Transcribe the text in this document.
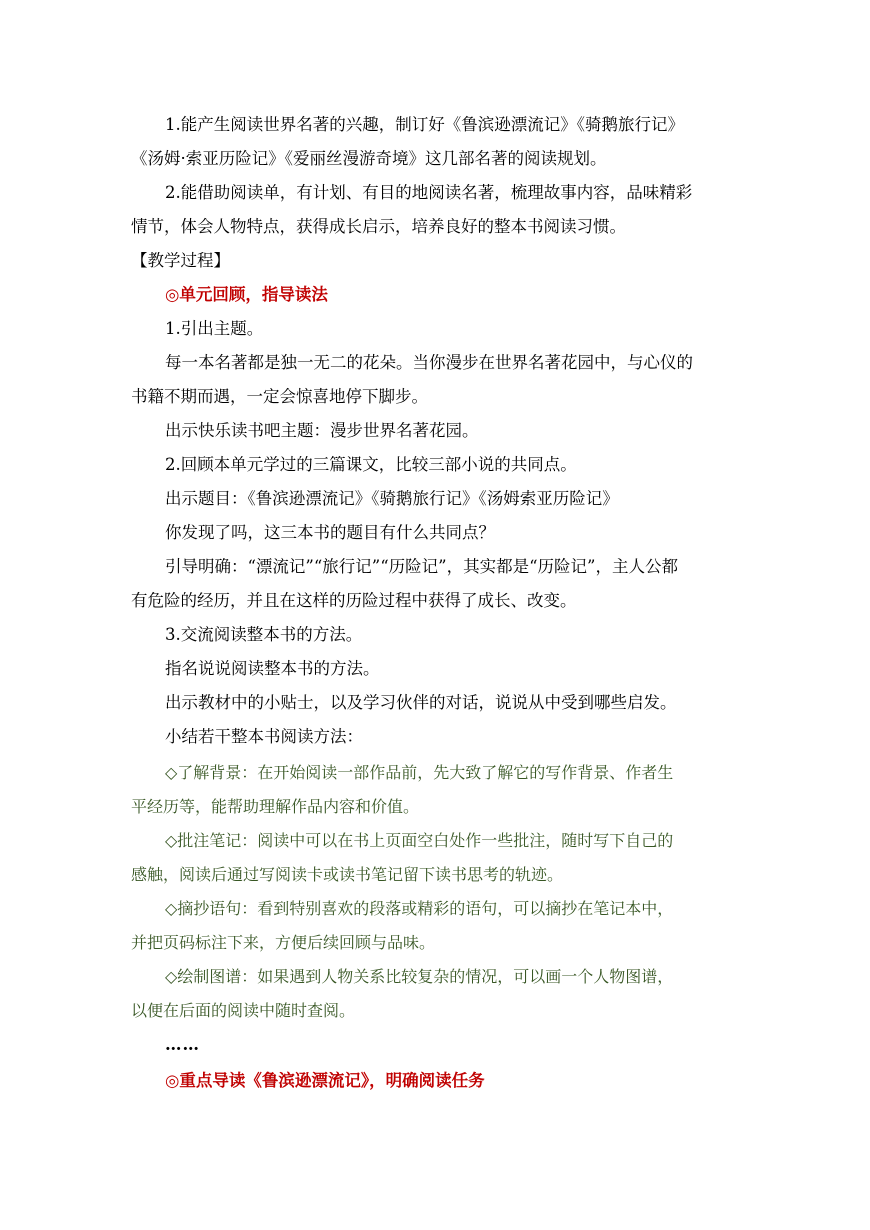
1.能产生阅读世界名著的兴趣，制订好《鲁滨逊漂流记》《骑鹅旅行记》
《汤姆·索亚历险记》《爱丽丝漫游奇境》这几部名著的阅读规划。
2.能借助阅读单，有计划、有目的地阅读名著，梳理故事内容，品味精彩
情节，体会人物特点，获得成长启示，培养良好的整本书阅读习惯。
【教学过程】
◎单元回顾，指导读法
1.引出主题。
每一本名著都是独一无二的花朵。当你漫步在世界名著花园中，与心仪的
书籍不期而遇，一定会惊喜地停下脚步。
出示快乐读书吧主题：漫步世界名著花园。
2.回顾本单元学过的三篇课文，比较三部小说的共同点。
出示题目：《鲁滨逊漂流记》《骑鹅旅行记》《汤姆索亚历险记》
你发现了吗，这三本书的题目有什么共同点？
引导明确：“漂流记”“旅行记”“历险记”，其实都是“历险记”，主人公都
有危险的经历，并且在这样的历险过程中获得了成长、改变。
3.交流阅读整本书的方法。
指名说说阅读整本书的方法。
出示教材中的小贴士，以及学习伙伴的对话，说说从中受到哪些启发。
小结若干整本书阅读方法：
◇了解背景：在开始阅读一部作品前，先大致了解它的写作背景、作者生
平经历等，能帮助理解作品内容和价值。
◇批注笔记：阅读中可以在书上页面空白处作一些批注，随时写下自己的
感触，阅读后通过写阅读卡或读书笔记留下读书思考的轨迹。
◇摘抄语句：看到特别喜欢的段落或精彩的语句，可以摘抄在笔记本中，
并把页码标注下来，方便后续回顾与品味。
◇绘制图谱：如果遇到人物关系比较复杂的情况，可以画一个人物图谱，
以便在后面的阅读中随时查阅。
……
◎重点导读《鲁滨逊漂流记》，明确阅读任务
